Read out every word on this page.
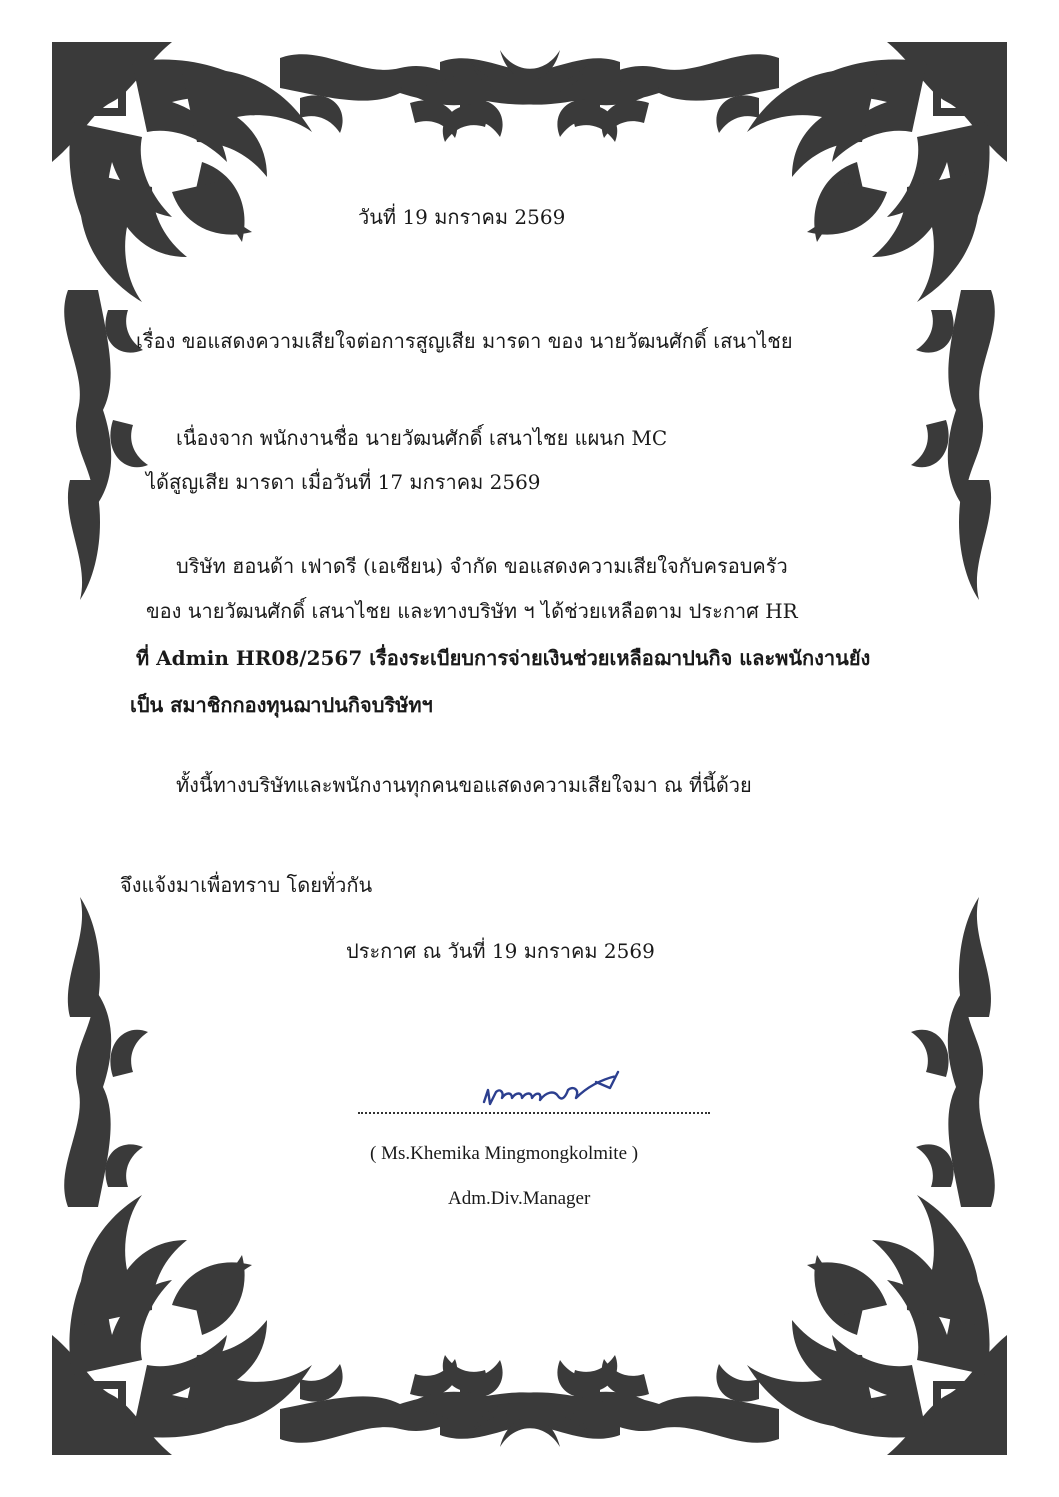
วันที่ 19 มกราคม 2569
เรื่อง ขอแสดงความเสียใจต่อการสูญเสีย มารดา ของ นายวัฒนศักดิ์ เสนาไชย
เนื่องจาก พนักงานชื่อ นายวัฒนศักดิ์ เสนาไชย แผนก MC
ได้สูญเสีย มารดา เมื่อวันที่ 17 มกราคม 2569
บริษัท ฮอนด้า เฟาดรี (เอเซียน) จำกัด ขอแสดงความเสียใจกับครอบครัว
ของ นายวัฒนศักดิ์ เสนาไชย และทางบริษัท ฯ ได้ช่วยเหลือตาม ประกาศ HR
ที่ Admin HR08/2567 เรื่องระเบียบการจ่ายเงินช่วยเหลือฌาปนกิจ และพนักงานยัง
เป็น สมาชิกกองทุนฌาปนกิจบริษัทฯ
ทั้งนี้ทางบริษัทและพนักงานทุกคนขอแสดงความเสียใจมา ณ ที่นี้ด้วย
จึงแจ้งมาเพื่อทราบ โดยทั่วกัน
ประกาศ ณ วันที่ 19 มกราคม 2569
( Ms.Khemika Mingmongkolmite )
Adm.Div.Manager
